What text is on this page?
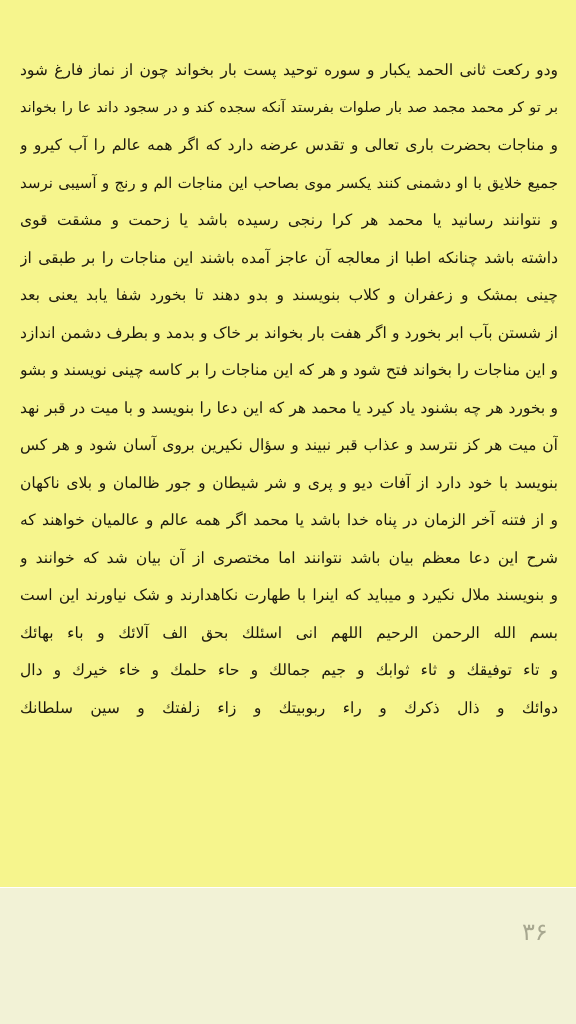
ودو رکعت ثانی الحمد یکبار و سوره توحید پست بار بخواند چون از نماز فارغ شود
بر تو کر محمد مجمد صد بار صلوات بفرستد آنکه سجده کند و در سجود داند عا را بخواند
و مناجات بحضرت باری تعالی و تقدس عرضه دارد که اگر همه عالم را آب کیرو و
جمیع خلایق با او دشمنی کنند یکسر موی بصاحب این مناجات الم و رنج و آسیبی نرسد
و نتوانند رسانید یا محمد هر کرا رنجی رسیده باشد یا زحمت و مشقت قوی
داشته باشد چنانکه اطبا از معالجه آن عاجز آمده باشند این مناجات را بر طبقی از
چینی بمشک و زعفران و کلاب بنویسند و بدو دهند تا بخورد شفا یابد یعنی بعد
از شستن بآب ابر بخورد و اگر هفت بار بخواند بر خاک و بدمد و بطرف دشمن اندازد
و این مناجات را بخواند فتح شود و هر که این مناجات را بر کاسه چینی نویسند و بشو
و بخورد هر چه بشنود یاد کیرد یا محمد هر که این دعا را بنویسد و با میت در قبر نهد
آن میت هر کز نترسد و عذاب قبر نبیند و سؤال نکیرین بروی آسان شود و هر کس
بنویسد با خود دارد از آفات دیو و پری و شر شیطان و جور ظالمان و بلای ناکهان
و از فتنه آخر الزمان در پناه خدا باشد یا محمد اگر همه عالم و عالمیان خواهند که
شرح این دعا معظم بیان باشد نتوانند اما مختصری از آن بیان شد که خوانند و
و بنویسند ملال نکیرد و میباید که اینرا با طهارت نکاهدارند و شک نیاورند این است
بسم الله الرحمن الرحیم اللهم انی اسئلك بحق الف آلائك و باء بهائك
و تاء توفیقك و ثاء ثوابك و جیم جمالك و حاء حلمك و خاء خیرك و دال
دوائك و ذال ذکرك و راء ربوبیتك و زاء زلفتك و سین سلطانك
۳۶
